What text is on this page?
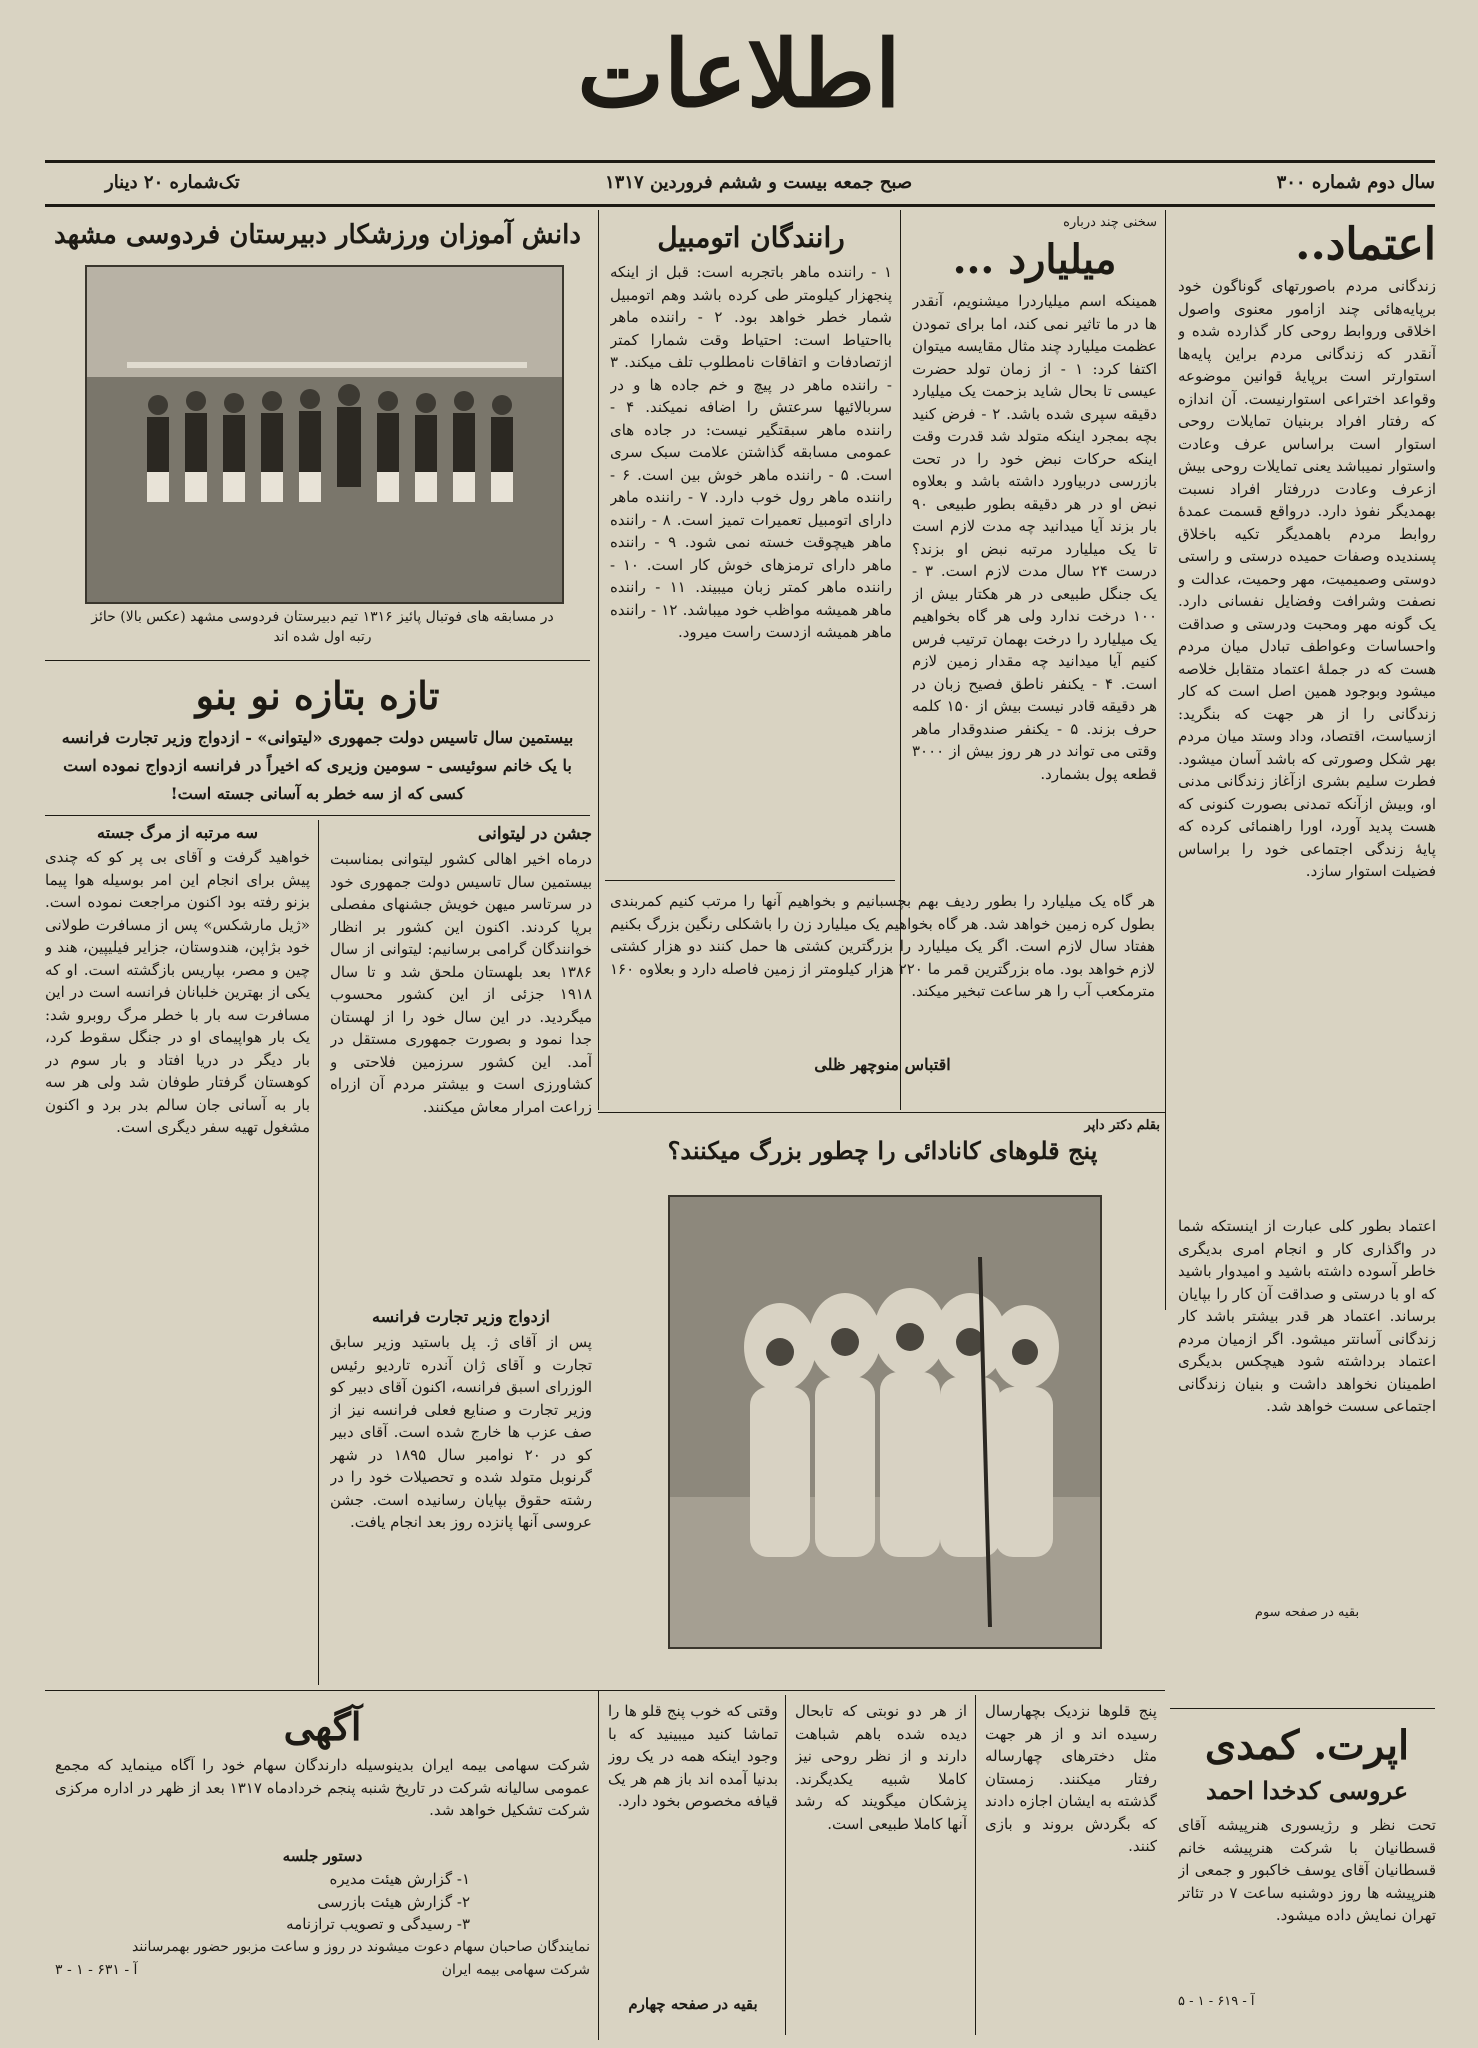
اطلاعات
سال دوم شماره ۳۰۰
صبح جمعه بیست و ششم فروردین ۱۳۱۷
تک‌شماره ۲۰ دینار
اعتماد..
زندگانی مردم باصورتهای گوناگون خود برپایه‌هائی چند ازامور معنوی واصول اخلاقی وروابط روحی کار گذارده شده و آنقدر که زندگانی مردم براین پایه‌ها استوارتر است برپایهٔ قوانین موضوعه وقواعد اختراعی استوارنیست. آن اندازه که رفتار افراد بربنیان تمایلات روحی استوار است براساس عرف وعادت واستوار نمیباشد یعنی تمایلات روحی بیش ازعرف وعادت دررفتار افراد نسبت بهمدیگر نفوذ دارد. درواقع قسمت عمدهٔ روابط مردم باهمدیگر تکیه باخلاق پسندیده وصفات حمیده درستی و راستی دوستی وصمیمیت، مهر وحمیت، عدالت و نصفت وشرافت وفضایل نفسانی دارد. یک گونه مهر ومحبت ودرستی و صداقت واحساسات وعواطف تبادل میان مردم هست که در جملهٔ اعتماد متقابل خلاصه میشود وبوجود همین اصل است که کار زندگانی را از هر جهت که بنگرید: ازسیاست، اقتصاد، وداد وستد میان مردم بهر شکل وصورتی که باشد آسان میشود. فطرت سلیم بشری ازآغاز زندگانی مدنی او، وبیش ازآنکه تمدنی بصورت کنونی که هست پدید آورد، اورا راهنمائی کرده که پایهٔ زندگی اجتماعی خود را براساس فضیلت استوار سازد.
اعتماد بطور کلی عبارت از اینستکه شما در واگذاری کار و انجام امری بدیگری خاطر آسوده داشته باشید و امیدوار باشید که او با درستی و صداقت آن کار را بپایان برساند. اعتماد هر قدر بیشتر باشد کار زندگانی آسانتر میشود. اگر ازمیان مردم اعتماد برداشته شود هیچکس بدیگری اطمینان نخواهد داشت و بنیان زندگانی اجتماعی سست خواهد شد.
بقیه در صفحه سوم
اپرت. کمدی
عروسی کدخدا احمد
تحت نظر و رژیسوری هنرپیشه آقای قسطانیان با شرکت هنرپیشه خانم قسطانیان آقای یوسف خاکبور و جمعی از هنرپیشه ها روز دوشنبه ساعت ۷ در تئاتر تهران نمایش داده میشود.
آ - ۶۱۹ - ۱ - ۵
سخنی چند درباره
میلیارد ...
همینکه اسم میلیاردرا میشنویم، آنقدر ها در ما تاثیر نمی کند، اما برای تمودن عظمت میلیارد چند مثال مقایسه میتوان اکتفا کرد: ۱ - از زمان تولد حضرت عیسی تا بحال شاید بزحمت یک میلیارد دقیقه سپری شده باشد. ۲ - فرض کنید بچه بمجرد اینکه متولد شد قدرت وقت اینکه حرکات نبض خود را در تحت بازرسی دربیاورد داشته باشد و بعلاوه نبض او در هر دقیقه بطور طبیعی ۹۰ بار بزند آیا میدانید چه مدت لازم است تا یک میلیارد مرتبه نبض او بزند؟ درست ۲۴ سال مدت لازم است. ۳ - یک جنگل طبیعی در هر هکتار بیش از ۱۰۰ درخت ندارد ولی هر گاه بخواهیم یک میلیارد را درخت بهمان ترتیب فرس کنیم آیا میدانید چه مقدار زمین لازم است. ۴ - یکنفر ناطق فصیح زبان در هر دقیقه قادر نیست بیش از ۱۵۰ کلمه حرف بزند. ۵ - یکنفر صندوقدار ماهر وقتی می تواند در هر روز بیش از ۳۰۰۰ قطعه پول بشمارد.
رانندگان اتومبیل
۱ - راننده ماهر باتجربه است: قبل از اینکه پنجهزار کیلومتر طی کرده باشد وهم اتومبیل شمار خطر خواهد بود. ۲ - راننده ماهر بااحتیاط است: احتیاط وقت شمارا کمتر ازتصادفات و اتفاقات نامطلوب تلف میکند. ۳ - راننده ماهر در پیچ و خم جاده ها و در سربالائیها سرعتش را اضافه نمیکند. ۴ - راننده ماهر سبقتگیر نیست: در جاده های عمومی مسابقه گذاشتن علامت سبک سری است. ۵ - راننده ماهر خوش بین است. ۶ - راننده ماهر رول خوب دارد. ۷ - راننده ماهر دارای اتومبیل تعمیرات تمیز است. ۸ - راننده ماهر هیچوقت خسته نمی شود. ۹ - راننده ماهر دارای ترمزهای خوش کار است. ۱۰ - راننده ماهر کمتر زبان میبیند. ۱۱ - راننده ماهر همیشه مواظب خود میباشد. ۱۲ - راننده ماهر همیشه ازدست راست میرود.
هر گاه یک میلیارد را بطور ردیف بهم بچسبانیم و بخواهیم آنها را مرتب کنیم کمربندی بطول کره زمین خواهد شد. هر گاه بخواهیم یک میلیارد زن را باشکلی رنگین بزرگ بکنیم هفتاد سال لازم است. اگر یک میلیارد را بزرگترین کشتی ها حمل کنند دو هزار کشتی لازم خواهد بود. ماه بزرگترین قمر ما ۲۲۰ هزار کیلومتر از زمین فاصله دارد و بعلاوه ۱۶۰ مترمکعب آب را هر ساعت تبخیر میکند.
اقتباس منوچهر ظلی
دانش آموزان ورزشکار دبیرستان فردوسی مشهد
در مسابقه های فوتبال پائیز ۱۳۱۶ تیم دبیرستان فردوسی مشهد (عکس بالا) حائز رتبه اول شده اند
تازه بتازه نو بنو
بیستمین سال تاسیس دولت جمهوری «لیتوانی» - ازدواج وزیر تجارت فرانسه
با یک خانم سوئیسی - سومین وزیری که اخیراً در فرانسه ازدواج نموده است
کسی که از سه خطر به آسانی جسته است!
جشن در لیتوانی
درماه اخیر اهالی کشور لیتوانی بمناسبت بیستمین سال تاسیس دولت جمهوری خود در سرتاسر میهن خویش جشنهای مفصلی برپا کردند. اکنون این کشور بر انظار خوانندگان گرامی برسانیم: لیتوانی از سال ۱۳۸۶ بعد بلهستان ملحق شد و تا سال ۱۹۱۸ جزئی از این کشور محسوب میگردید. در این سال خود را از لهستان جدا نمود و بصورت جمهوری مستقل در آمد. این کشور سرزمین فلاحتی و کشاورزی است و بیشتر مردم آن ازراه زراعت امرار معاش میکنند.
ازدواج وزیر تجارت فرانسه
پس از آقای ژ. پل باستید وزیر سابق تجارت و آقای ژان آندره تاردیو رئیس الوزرای اسبق فرانسه، اکنون آقای دبیر کو وزیر تجارت و صنایع فعلی فرانسه نیز از صف عزب ها خارج شده است. آقای دبیر کو در ۲۰ نوامبر سال ۱۸۹۵ در شهر گرنوبل متولد شده و تحصیلات خود را در رشته حقوق بپایان رسانیده است. جشن عروسی آنها پانزده روز بعد انجام یافت.
سه مرتبه از مرگ جسته
خواهید گرفت و آقای بی پر کو که چندی پیش برای انجام این امر بوسیله هوا پیما بزنو رفته بود اکنون مراجعت نموده است. «ژیل مارشکس» پس از مسافرت طولانی خود بژاپن، هندوستان، جزایر فیلیپین، هند و چین و مصر، بپاریس بازگشته است. او که یکی از بهترین خلبانان فرانسه است در این مسافرت سه بار با خطر مرگ روبرو شد: یک بار هواپیمای او در جنگل سقوط کرد، بار دیگر در دریا افتاد و بار سوم در کوهستان گرفتار طوفان شد ولی هر سه بار به آسانی جان سالم بدر برد و اکنون مشغول تهیه سفر دیگری است.	بقلم دکتر داپر
پنج قلوهای کانادائی را چطور بزرگ میکنند؟
پنج قلوها نزدیک بچهارسال رسیده اند و از هر جهت مثل دخترهای چهارساله رفتار میکنند. زمستان گذشته به ایشان اجازه دادند که بگردش بروند و بازی کنند.
از هر دو نوبتی که تابحال دیده شده باهم شباهت دارند و از نظر روحی نیز کاملا شبیه یکدیگرند. پزشکان میگویند که رشد آنها کاملا طبیعی است.
وقتی که خوب پنج قلو ها را تماشا کنید میبینید که با وجود اینکه همه در یک روز بدنیا آمده اند باز هم هر یک قیافه مخصوص بخود دارد.
بقیه در صفحه چهارم
آگهی
شرکت سهامی بیمه ایران بدینوسیله دارندگان سهام خود را آگاه مینماید که مجمع عمومی سالیانه شرکت در تاریخ شنبه پنجم خردادماه ۱۳۱۷ بعد از ظهر در اداره مرکزی شرکت تشکیل خواهد شد.
دستور جلسه
۱- گزارش هیئت مدیره
۲- گزارش هیئت بازرسی
۳- رسیدگی و تصویب ترازنامه
نمایندگان صاحبان سهام دعوت میشوند در روز و ساعت مزبور حضور بهمرسانند
شرکت سهامی بیمه ایران
آ - ۶۳۱ - ۱ - ۳
